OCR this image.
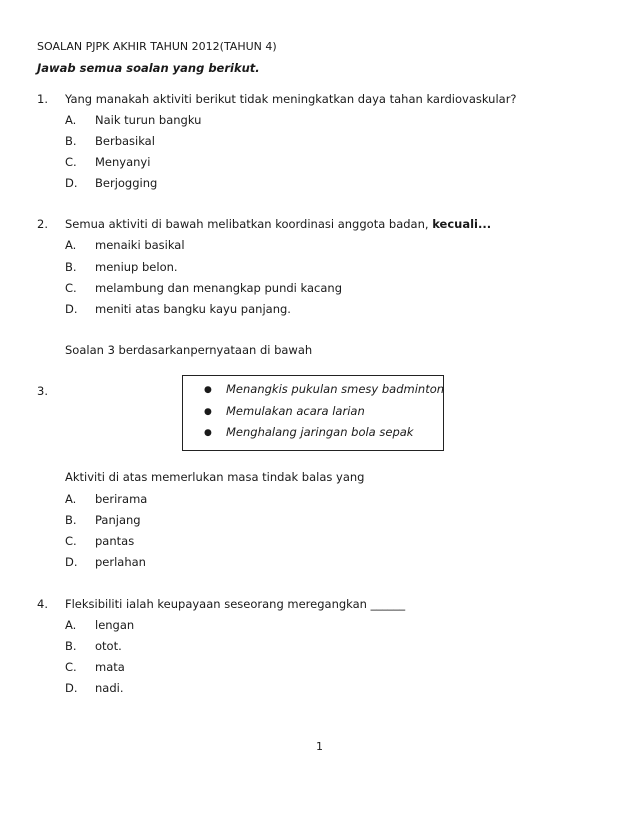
SOALAN PJPK AKHIR TAHUN 2012(TAHUN 4)
Jawab semua soalan yang berikut.
1. Yang manakah aktiviti berikut tidak meningkatkan daya tahan kardiovaskular?
A. Naik turun bangku
B. Berbasikal
C. Menyanyi
D. Berjogging
2. Semua aktiviti di bawah melibatkan koordinasi anggota badan, kecuali...
A. menaiki basikal
B. meniup belon.
C. melambung dan menangkap pundi kacang
D. meniti atas bangku kayu panjang.
Soalan 3 berdasarkanpernyataan di bawah
3.	● Menangkis pukulan smesy badminton
● Memulakan acara larian
● Menghalang jaringan bola sepak
Aktiviti di atas memerlukan masa tindak balas yang
A. berirama
B. Panjang
C. pantas
D. perlahan
4. Fleksibiliti ialah keupayaan seseorang meregangkan ______
A. lengan
B. otot.
C. mata
D. nadi.
1
